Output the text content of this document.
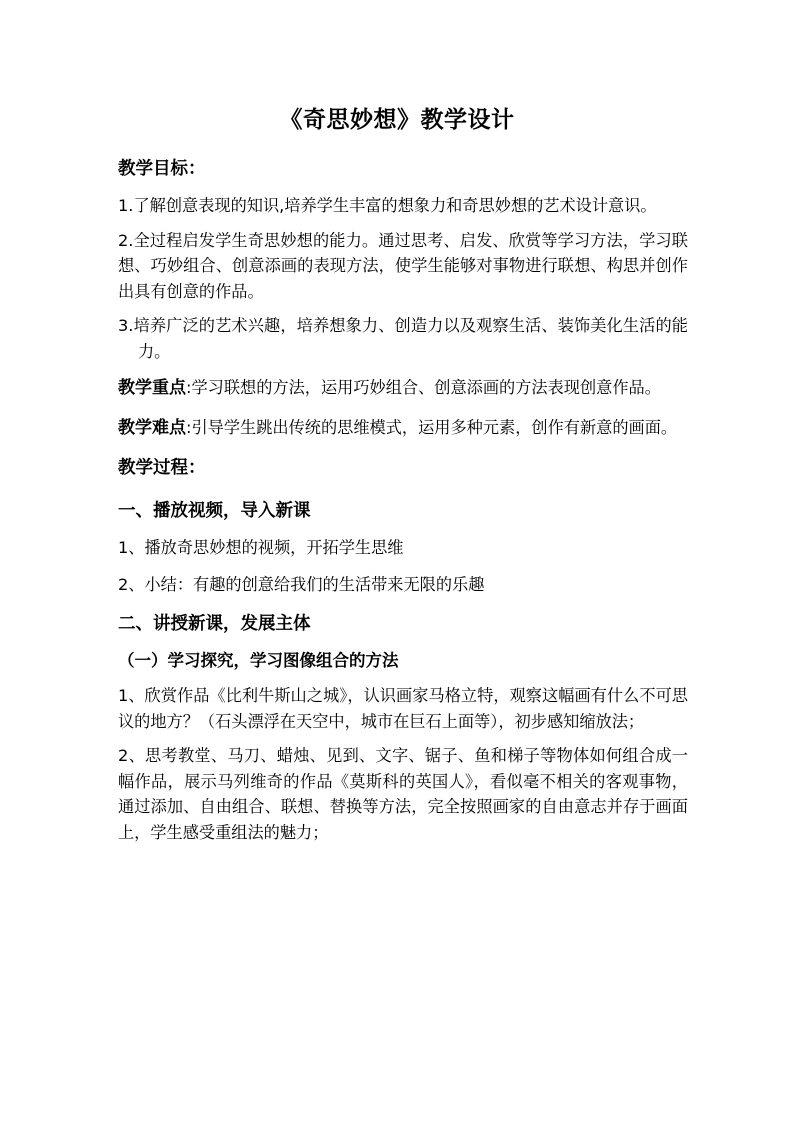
《奇思妙想》教学设计

教学目标：

1.了解创意表现的知识,培养学生丰富的想象力和奇思妙想的艺术设计意识。

2.全过程启发学生奇思妙想的能力。通过思考、启发、欣赏等学习方法，学习联想、巧妙组合、创意添画的表现方法，使学生能够对事物进行联想、构思并创作出具有创意的作品。

3.培养广泛的艺术兴趣，培养想象力、创造力以及观察生活、装饰美化生活的能力。

教学重点:学习联想的方法，运用巧妙组合、创意添画的方法表现创意作品。

教学难点:引导学生跳出传统的思维模式，运用多种元素，创作有新意的画面。

教学过程：

一、播放视频，导入新课

1、播放奇思妙想的视频，开拓学生思维

2、小结：有趣的创意给我们的生活带来无限的乐趣

二、讲授新课，发展主体

（一）学习探究，学习图像组合的方法

1、欣赏作品《比利牛斯山之城》，认识画家马格立特，观察这幅画有什么不可思议的地方？（石头漂浮在天空中，城市在巨石上面等），初步感知缩放法；

2、思考教堂、马刀、蜡烛、见到、文字、锯子、鱼和梯子等物体如何组合成一幅作品，展示马列维奇的作品《莫斯科的英国人》，看似毫不相关的客观事物，通过添加、自由组合、联想、替换等方法，完全按照画家的自由意志并存于画面上，学生感受重组法的魅力；
